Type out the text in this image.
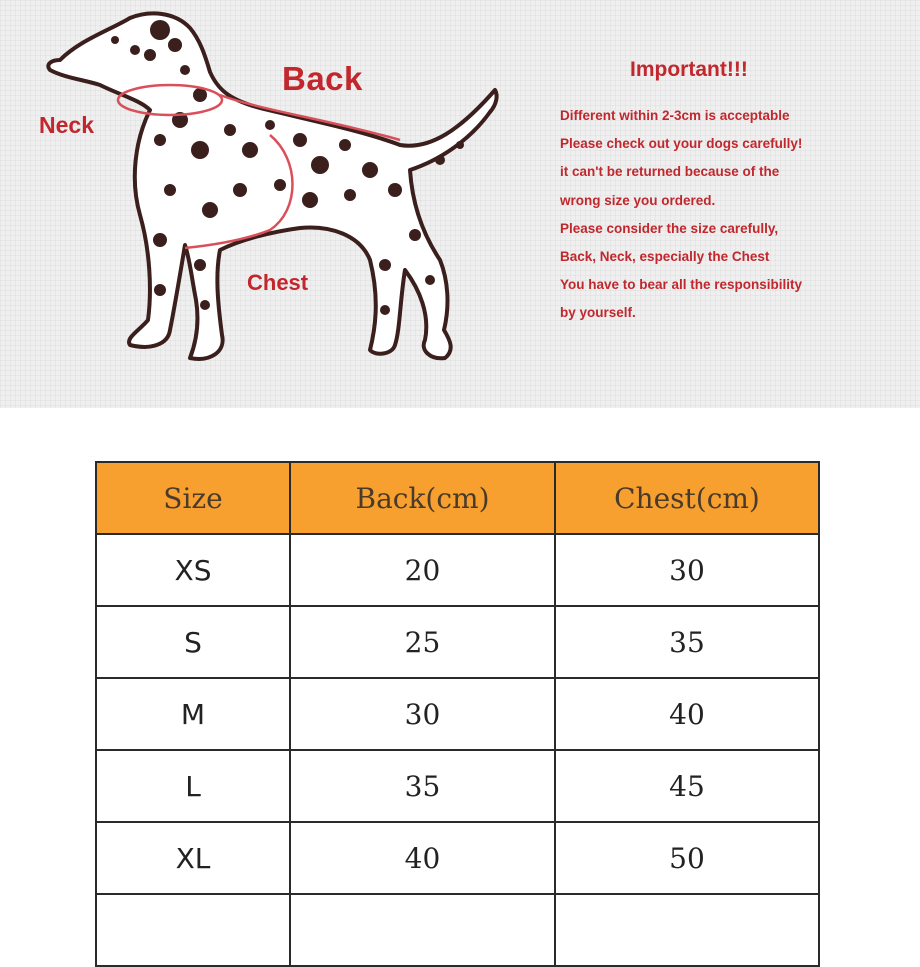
Back
Neck
Chest
Important!!!
Different within 2-3cm is acceptable
Please check out your dogs carefully!
it can't be returned because of the
wrong size you ordered.
Please consider the size carefully,
Back, Neck, especially the Chest
You have to bear all the responsibility
by yourself.
Size	Back(cm)	Chest(cm)
XS	20	30
S	25	35
M	30	40
L	35	45
XL	40	50
